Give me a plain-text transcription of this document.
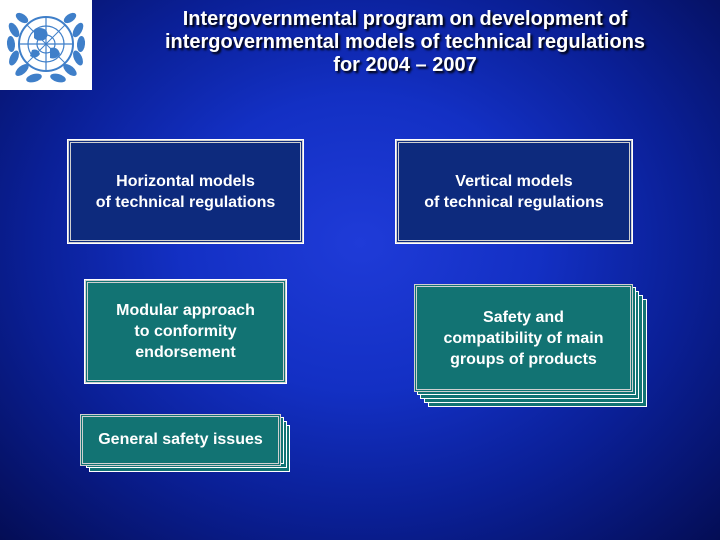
Intergovernmental program on development of
intergovernmental models of technical regulations
for 2004 – 2007
Horizontal models
of technical regulations
Vertical models
of technical regulations
Modular approach
to conformity
endorsement
Safety and
compatibility of main
groups of products
General safety issues
